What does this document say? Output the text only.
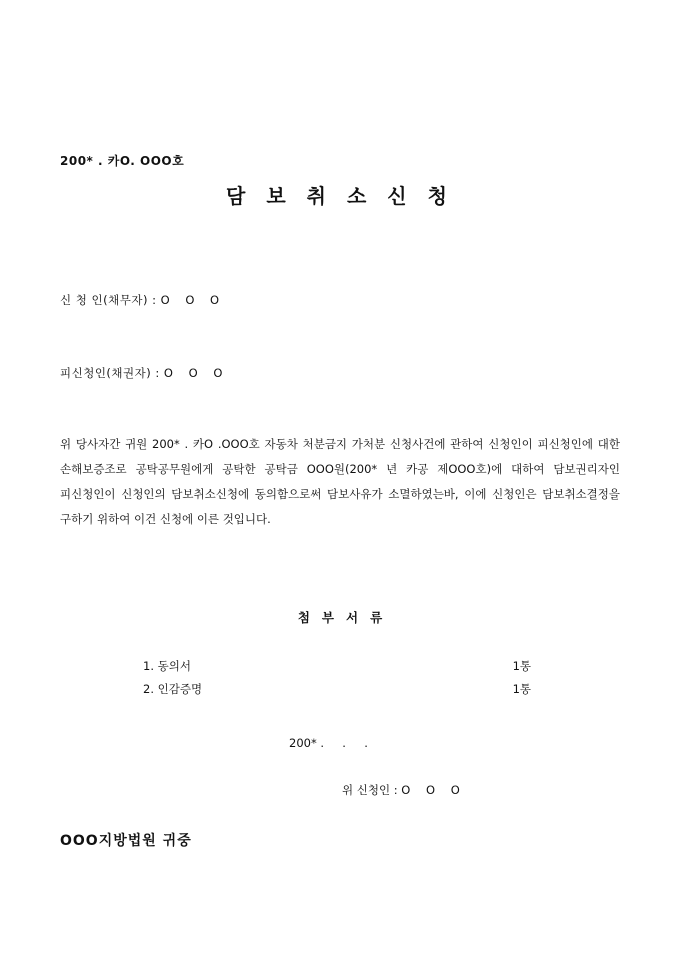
200* . 카O. OOO호
담보취소신청
신 청 인(채무자) : O O O
피신청인(채권자) : O O O
위 당사자간 귀원 200* . 카O .OOO호 자동차 처분금지 가처분 신청사건에 관하여 신청인이 피신청인에 대한 손해보증조로 공탁공무원에게 공탁한 공탁금 OOO원(200* 년 카공 제OOO호)에 대하여 담보권리자인 피신청인이 신청인의 담보취소신청에 동의함으로써 담보사유가 소멸하였는바, 이에 신청인은 담보취소결정을 구하기 위하여 이건 신청에 이른 것입니다.
첨부서류
1. 동의서	1통
2. 인감증명	1통
200* .     .     .
위 신청인 : O O O
OOO지방법원 귀중
